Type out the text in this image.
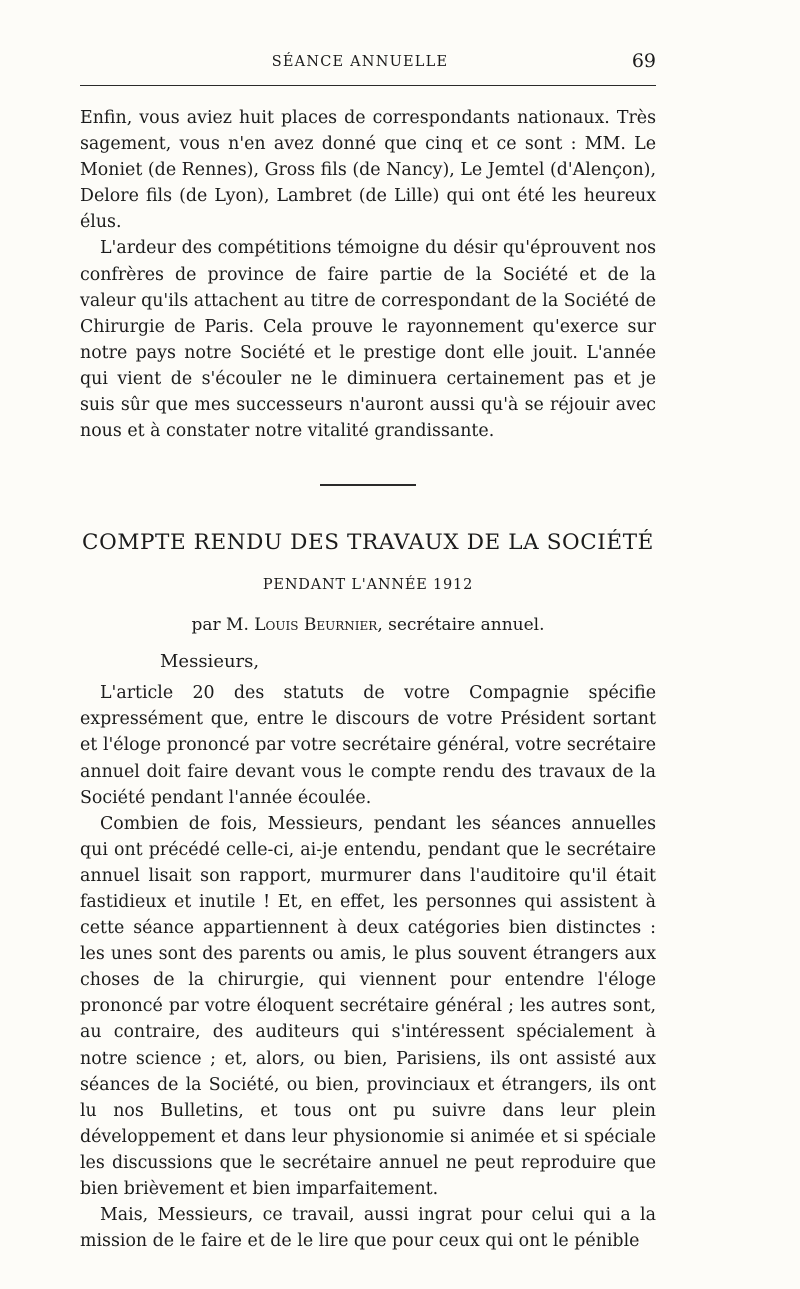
SÉANCE ANNUELLE	69

Enfin, vous aviez huit places de correspondants nationaux. Très sagement, vous n'en avez donné que cinq et ce sont : MM. Le Moniet (de Rennes), Gross fils (de Nancy), Le Jemtel (d'Alençon), Delore fils (de Lyon), Lambret (de Lille) qui ont été les heureux élus.

L'ardeur des compétitions témoigne du désir qu'éprouvent nos confrères de province de faire partie de la Société et de la valeur qu'ils attachent au titre de correspondant de la Société de Chirurgie de Paris. Cela prouve le rayonnement qu'exerce sur notre pays notre Société et le prestige dont elle jouit. L'année qui vient de s'écouler ne le diminuera certainement pas et je suis sûr que mes successeurs n'auront aussi qu'à se réjouir avec nous et à constater notre vitalité grandissante.

COMPTE RENDU DES TRAVAUX DE LA SOCIÉTÉ
PENDANT L'ANNÉE 1912
par M. Louis Beurnier, secrétaire annuel.
Messieurs,

L'article 20 des statuts de votre Compagnie spécifie expressément que, entre le discours de votre Président sortant et l'éloge prononcé par votre secrétaire général, votre secrétaire annuel doit faire devant vous le compte rendu des travaux de la Société pendant l'année écoulée.

Combien de fois, Messieurs, pendant les séances annuelles qui ont précédé celle-ci, ai-je entendu, pendant que le secrétaire annuel lisait son rapport, murmurer dans l'auditoire qu'il était fastidieux et inutile ! Et, en effet, les personnes qui assistent à cette séance appartiennent à deux catégories bien distinctes : les unes sont des parents ou amis, le plus souvent étrangers aux choses de la chirurgie, qui viennent pour entendre l'éloge prononcé par votre éloquent secrétaire général ; les autres sont, au contraire, des auditeurs qui s'intéressent spécialement à notre science ; et, alors, ou bien, Parisiens, ils ont assisté aux séances de la Société, ou bien, provinciaux et étrangers, ils ont lu nos Bulletins, et tous ont pu suivre dans leur plein développement et dans leur physionomie si animée et si spéciale les discussions que le secrétaire annuel ne peut reproduire que bien brièvement et bien imparfaitement.

Mais, Messieurs, ce travail, aussi ingrat pour celui qui a la mission de le faire et de le lire que pour ceux qui ont le pénible
